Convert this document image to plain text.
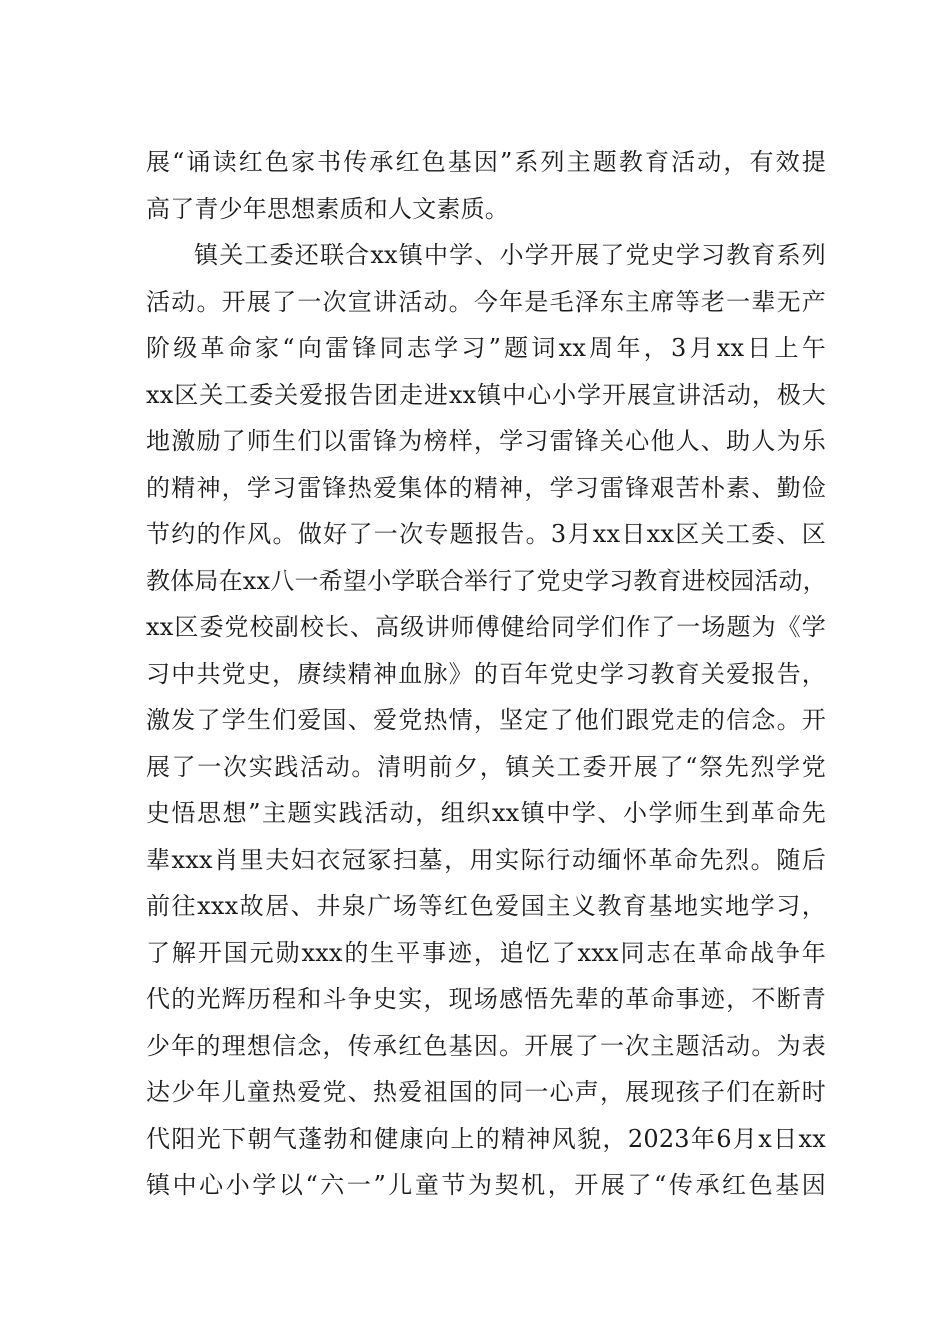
展“诵读红色家书传承红色基因”系列主题教育活动，有效提
高了青少年思想素质和人文素质。
镇关工委还联合xx镇中学、小学开展了党史学习教育系列
活动。开展了一次宣讲活动。今年是毛泽东主席等老一辈无产
阶级革命家“向雷锋同志学习”题词xx周年，3月xx日上午
xx区关工委关爱报告团走进xx镇中心小学开展宣讲活动，极大
地激励了师生们以雷锋为榜样，学习雷锋关心他人、助人为乐
的精神，学习雷锋热爱集体的精神，学习雷锋艰苦朴素、勤俭
节约的作风。做好了一次专题报告。3月xx日xx区关工委、区
教体局在xx八一希望小学联合举行了党史学习教育进校园活动，
xx区委党校副校长、高级讲师傅健给同学们作了一场题为《学
习中共党史，赓续精神血脉》的百年党史学习教育关爱报告，
激发了学生们爱国、爱党热情，坚定了他们跟党走的信念。开
展了一次实践活动。清明前夕，镇关工委开展了“祭先烈学党
史悟思想”主题实践活动，组织xx镇中学、小学师生到革命先
辈xxx肖里夫妇衣冠冢扫墓，用实际行动缅怀革命先烈。随后
前往xxx故居、井泉广场等红色爱国主义教育基地实地学习，
了解开国元勋xxx的生平事迹，追忆了xxx同志在革命战争年
代的光辉历程和斗争史实，现场感悟先辈的革命事迹，不断青
少年的理想信念，传承红色基因。开展了一次主题活动。为表
达少年儿童热爱党、热爱祖国的同一心声，展现孩子们在新时
代阳光下朝气蓬勃和健康向上的精神风貌，2023年6月x日xx
镇中心小学以“六一”儿童节为契机，开展了“传承红色基因
